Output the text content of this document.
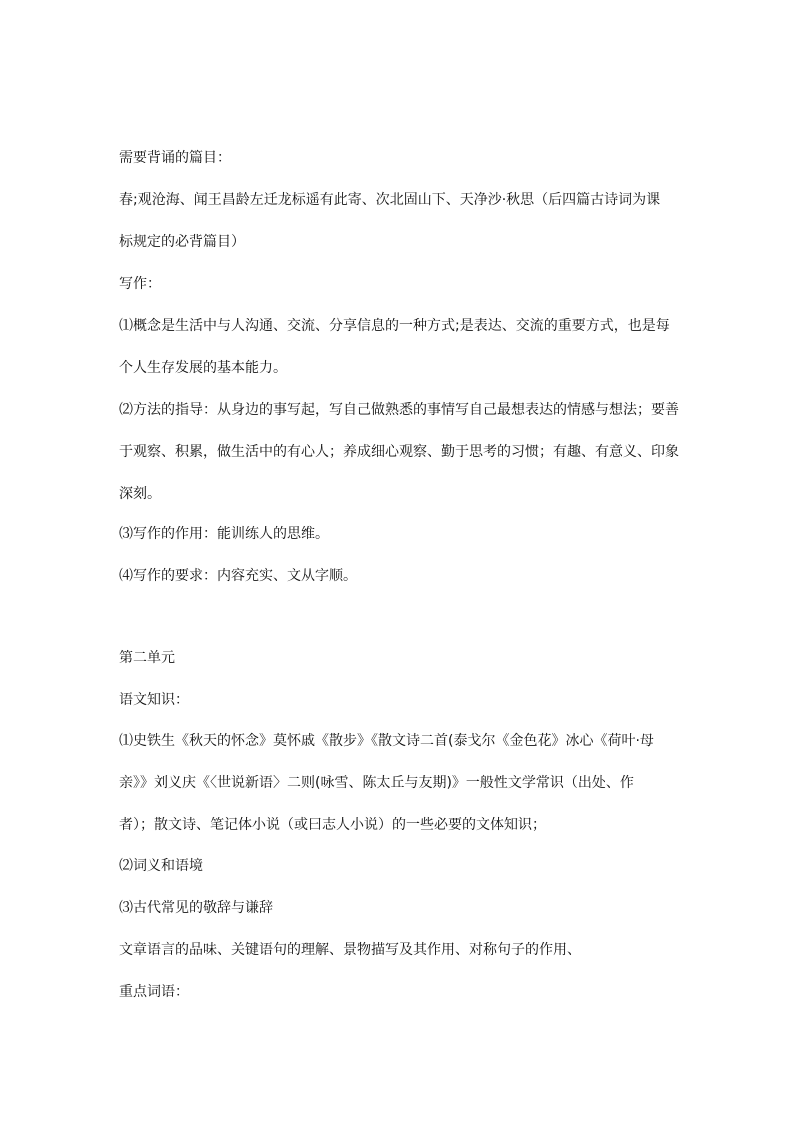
需要背诵的篇目：
春;观沧海、闻王昌龄左迁龙标遥有此寄、次北固山下、天净沙·秋思（后四篇古诗词为课
标规定的必背篇目）
写作：
⑴概念是生活中与人沟通、交流、分享信息的一种方式;是表达、交流的重要方式，也是每
个人生存发展的基本能力。
⑵方法的指导：从身边的事写起，写自己做熟悉的事情写自己最想表达的情感与想法；要善
于观察、积累，做生活中的有心人；养成细心观察、勤于思考的习惯；有趣、有意义、印象
深刻。
⑶写作的作用：能训练人的思维。
⑷写作的要求：内容充实、文从字顺。
第二单元
语文知识：
⑴史铁生《秋天的怀念》莫怀戚《散步》《散文诗二首(泰戈尔《金色花》冰心《荷叶·母
亲》》刘义庆《〈世说新语〉二则(咏雪、陈太丘与友期)》一般性文学常识（出处、作
者）；散文诗、笔记体小说（或曰志人小说）的一些必要的文体知识；
⑵词义和语境
⑶古代常见的敬辞与谦辞
文章语言的品味、关键语句的理解、景物描写及其作用、对称句子的作用、
重点词语：
